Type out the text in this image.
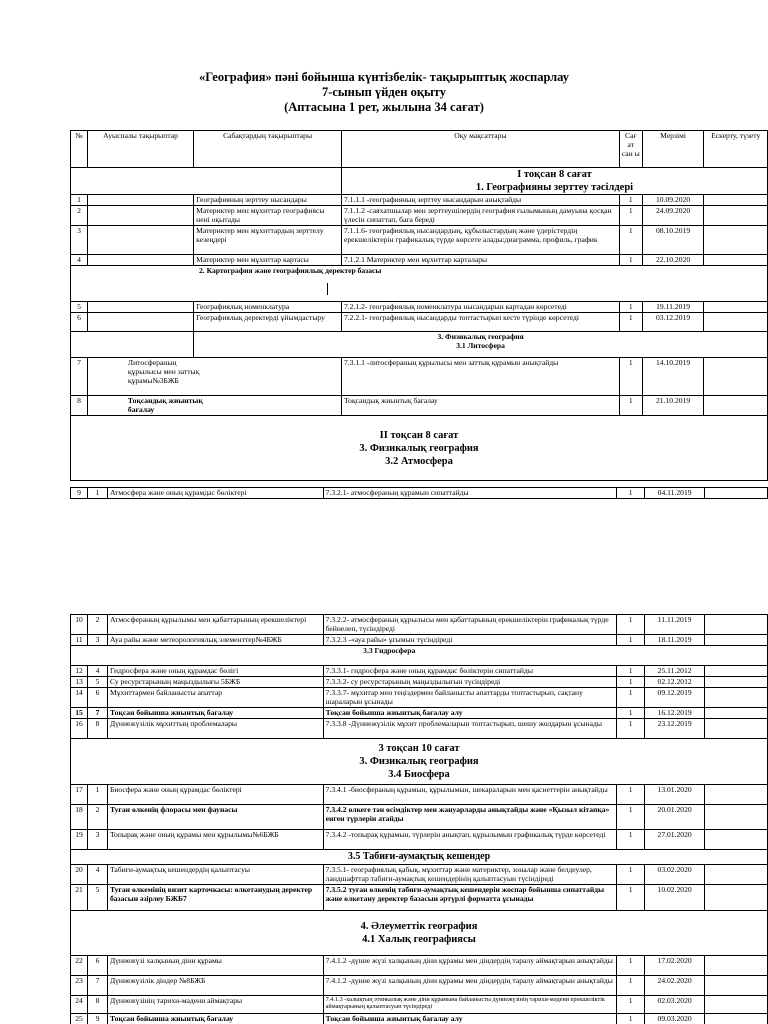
«География» пәні бойынша күнтізбелік- тақырыптық жоспарлау
7-сынып үйден оқыту
(Аптасына 1 рет, жылына 34 сағат)
№	Ауыспалы тақырыптар	Сабақтардың тақырыптары	Оқу мақсаттары	Сағ ат сан ы	Мерзімі	Ескерту, түзету

			І тоқсан 8 сағат
1. Географияны зерттеу тәсілдері			

1		Географияның зерттеу нысандары	7.1.1.1 -географияның зерттеу нысандарын анықтайды	1	10.09.2020	
2		Материктер мен мұхиттар географиясы нені оқытады	7.1.1.2 -саяхатшылар мен зерттеушілердің география ғылымының дамуына қосқан үлесін сипаттап, баға береді	1	24.09.2020	
3		Материктер мен мұхиттардың зерттелу кезеңдері	7.1.1.6- географиялық нысандардың, құбылыстардың және үдерістердің ерекшеліктерін графикалық түрде көрсете алады:диаграмма, профиль, график	1	08.10.2019	
4		Материктер мен мұхиттар картасы	7.1.2.1 Материктер мен мұхиттар карталары	1	22.10.2020	
2. Картография және географиялық деректер базасы						

5		Географиялық номенклатура	7.2.1.2- географиялық номенклатура нысандарын картадан көрсетеді	1	19.11.2019	
6		Географиялық деректерді ұйымдастыру	7.2.2.1- географиялық нысандарды топтастырып кесте түрінде көрсетеді	1	03.12.2019	

		3. Физикалық география
3.1 Литосфера				

7	Литосфераның құрылысы мен заттық құрамы№3БЖБ		7.3.1.1 -литосфераның құрылысы мен заттық құрамын анықтайды	1	14.10.2019	
8	Тоқсандық жиынтық бағалау		Тоқсандық жиынтық бағалау	1	21.10.2019	

ІІ тоқсан 8 сағат
3. Физикалық география
3.2 Атмосфера						
9	1	Атмосфера және оның құрамдас бөліктері	7.3.2.1- атмосфераның құрамын сипаттайды	1	04.11.2019	
10	2	Атмосфераның құрылымы мен қабаттарының ерекшеліктері	7.3.2.2- атмосфераның құрылысы мен қабаттарының ерекшеліктерін графикалық түрде бейнелеп, түсіндіреді	1	11.11.2019	
11	3	Ауа райы және метеорологиялық элементтер№4БЖБ	7.3.2.3 -«ауа райы» ұғымын түсіндіреді	1	18.11.2019	

			3.3 Гидросфера			

12	4	Гидросфера және оның құрамдас бөлігі	7.3.3.1- гидросфера және оның құрамдас бөліктерін сипаттайды	1	25.11.2012	
13	5	Су ресурстарының маңыздылығы 5БЖБ	7.3.3.2- су ресурстарының маңыздылығын түсіндіреді	1	02.12.2012	
14	6	Мұхиттармен байланысты апаттар	7.3.3.7- мұхитар мен теңіздермен байланысты апаттарды топтастырып, сақтану шараларын ұсынады	1	09.12.2019	
15	7	Тоқсан бойынша жиынтық бағалау	Тоқсан бойынша жиынтық бағалау алу	1	16.12.2019	
16	8	Дүниежүзілік мұхиттың проблемалары	7.3.3.8 -Дүниежүзілік мұхит проблемаларын топтастырып, шешу жолдарын ұсынады	1	23.12.2019	

3 тоқсан 10 сағат
3. Физикалық география
3.4 Биосфера						

17	1	Биосфера және оның құрамдас бөліктері	7.3.4.1 -биосфераның құрамын, құрылымын, шекараларын мен қасиеттерін анықтайды	1	13.01.2020	
18	2	Туған өлкенің флорасы мен фаунасы	7.3.4.2 өлкеге тән өсімдіктер мен жануарларды анықтайды және «Қызыл кітапқа» енген түрлерін атайды	1	20.01.2020	
19	3	Топырақ және оның құрамы мен құрылымы№6БЖБ	7.3.4.2 -топырақ құрамын, түрлерін анықтап, құрылымын графикалық түрде көрсетеді	1	27.01.2020	

3.5 Табиғи-аумақтық кешендер						

20	4	Табиғи-аумақтық кешендердің қалыптасуы	7.3.5.1- географиялық қабық, мұхиттар және материктер, зоналар және белдеулер, ландшафттар табиғи-аумақтық кешендерінің қалыптасуын түсіндіреді	1	03.02.2020	
21	5	Туған өлкемінің визит карточкасы: өлкетанудың деректер базасын әзірлеу БЖБ7	7.3.5.2 туған өлкенің табиғи-аумақтық кешендерін жоспар бойынша сипаттайды және өлкетану деректер базасын әртүрлі форматта ұсынады	1	10.02.2020	

4. Әлеуметтік география
4.1 Халық географиясы						

22	6	Дүниежүзі халқының діни құрамы	7.4.1.2 -дүние жүзі халқының діни құрамы мен діндердің таралу аймақтарын анықтайды	1	17.02.2020	
23	7	Дүниежүзілік діндер №8БЖБ	7.4.1.2 -дүние жүзі халқының діни құрамы мен діндердің таралу аймақтарын анықтайды	1	24.02.2020	
24	8	Дүниежүзінің тарихи-мәдени аймақтары	7.4.1.3 -халықтың этникалық және діни құрамына байланысты дүниежүзінің тарихи-мәдени ерекшеліктік аймақтарының қалыптасуын түсіндіреді	1	02.03.2020	
25	9	Тоқсан бойынша жиынтық бағалау	Тоқсан бойынша жиынтық бағалау алу	1	09.03.2020	
